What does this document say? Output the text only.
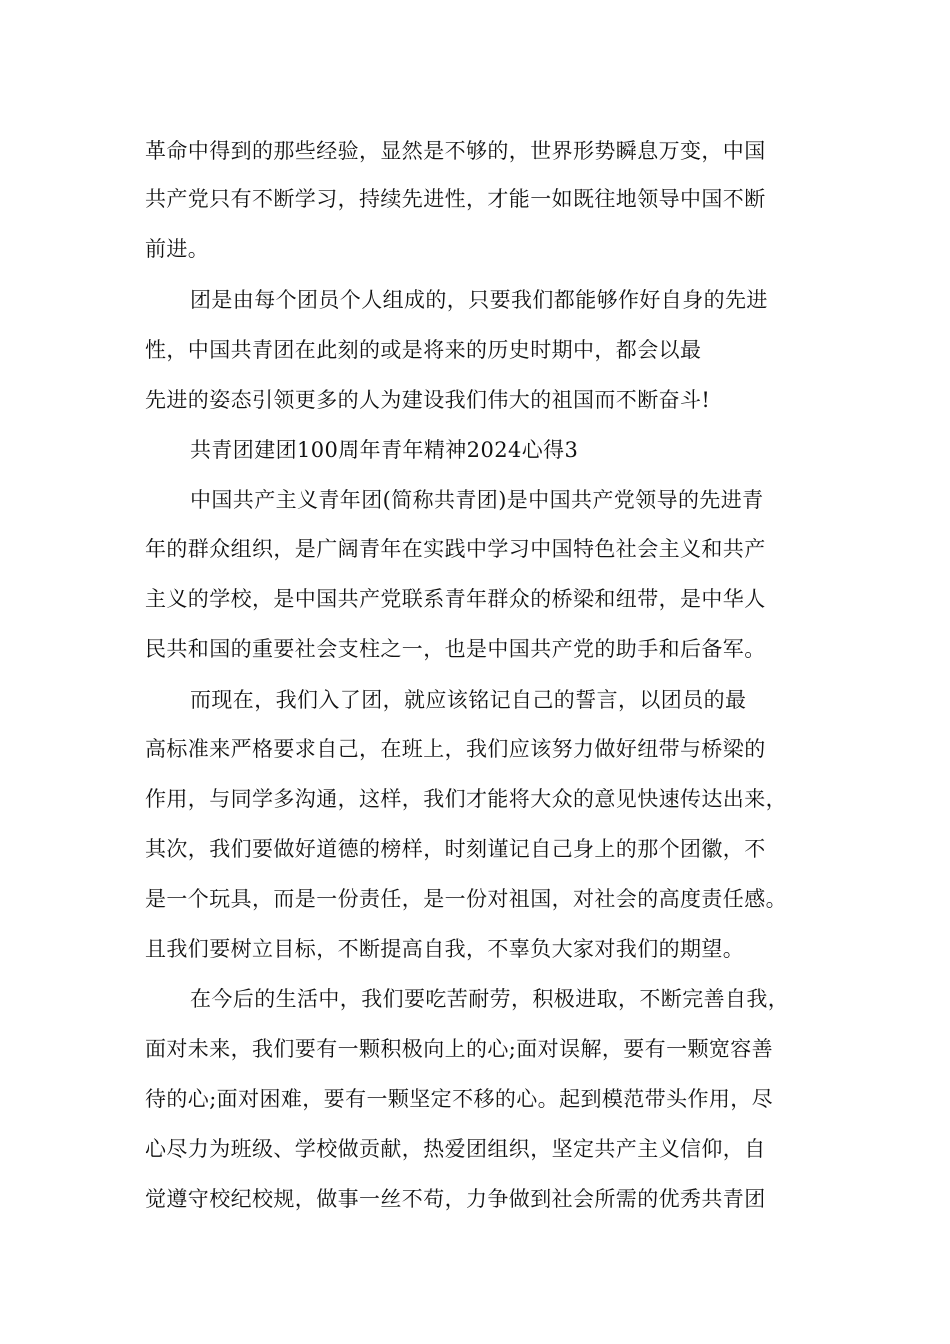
革命中得到的那些经验，显然是不够的，世界形势瞬息万变，中国
共产党只有不断学习，持续先进性，才能一如既往地领导中国不断
前进。
团是由每个团员个人组成的，只要我们都能够作好自身的先进
性，中国共青团在此刻的或是将来的历史时期中，都会以最
先进的姿态引领更多的人为建设我们伟大的祖国而不断奋斗!
共青团建团100周年青年精神2024心得3
中国共产主义青年团(简称共青团)是中国共产党领导的先进青
年的群众组织，是广阔青年在实践中学习中国特色社会主义和共产
主义的学校，是中国共产党联系青年群众的桥梁和纽带，是中华人
民共和国的重要社会支柱之一，也是中国共产党的助手和后备军。
而现在，我们入了团，就应该铭记自己的誓言，以团员的最
高标准来严格要求自己，在班上，我们应该努力做好纽带与桥梁的
作用，与同学多沟通，这样，我们才能将大众的意见快速传达出来，
其次，我们要做好道德的榜样，时刻谨记自己身上的那个团徽，不
是一个玩具，而是一份责任，是一份对祖国，对社会的高度责任感。
且我们要树立目标，不断提高自我，不辜负大家对我们的期望。
在今后的生活中，我们要吃苦耐劳，积极进取，不断完善自我，
面对未来，我们要有一颗积极向上的心;面对误解，要有一颗宽容善
待的心;面对困难，要有一颗坚定不移的心。起到模范带头作用，尽
心尽力为班级、学校做贡献，热爱团组织，坚定共产主义信仰，自
觉遵守校纪校规，做事一丝不苟，力争做到社会所需的优秀共青团
